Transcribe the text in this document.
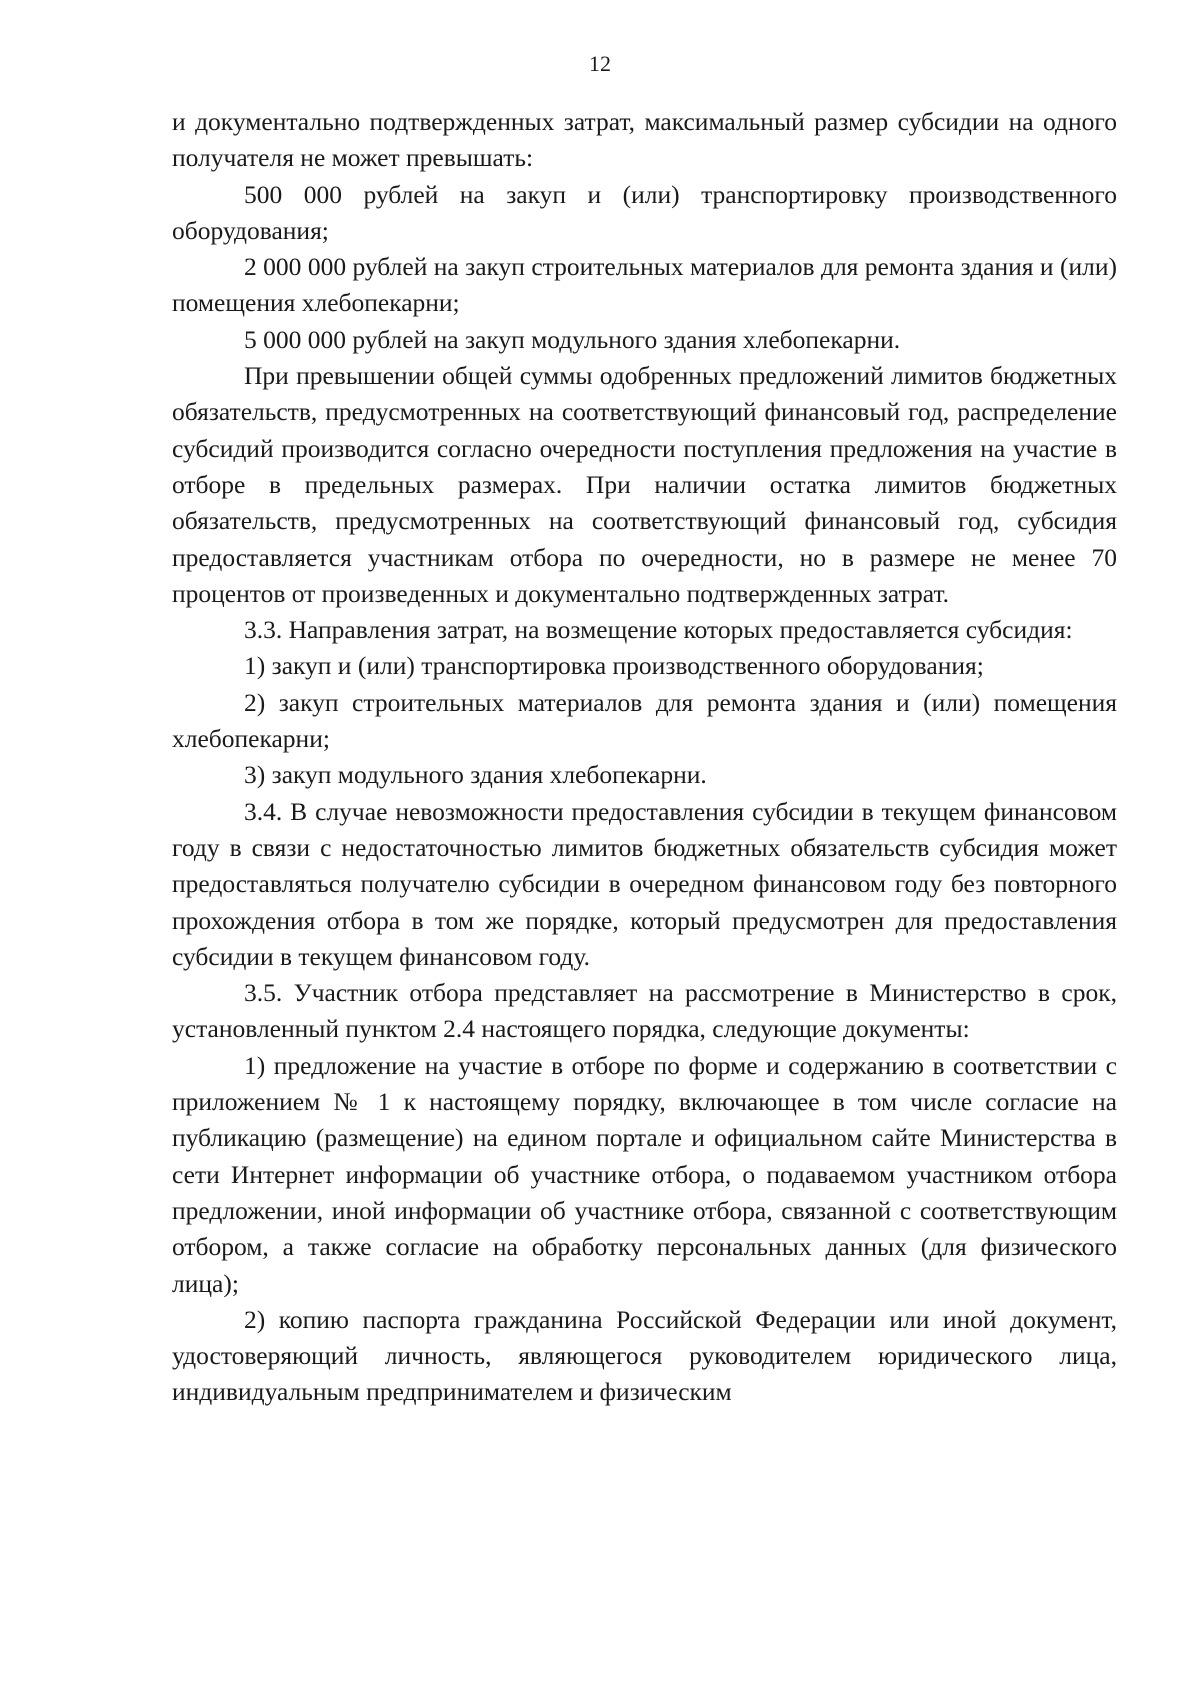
12

и документально подтвержденных затрат, максимальный размер субсидии на одного получателя не может превышать:

500 000 рублей на закуп и (или) транспортировку производственного оборудования;

2 000 000 рублей на закуп строительных материалов для ремонта здания и (или) помещения хлебопекарни;

5 000 000 рублей на закуп модульного здания хлебопекарни.

При превышении общей суммы одобренных предложений лимитов бюджетных обязательств, предусмотренных на соответствующий финансовый год, распределение субсидий производится согласно очередности поступления предложения на участие в отборе в предельных размерах. При наличии остатка лимитов бюджетных обязательств, предусмотренных на соответствующий финансовый год, субсидия предоставляется участникам отбора по очередности, но в размере не менее 70 процентов от произведенных и документально подтвержденных затрат.

3.3. Направления затрат, на возмещение которых предоставляется субсидия:

1) закуп и (или) транспортировка производственного оборудования;

2) закуп строительных материалов для ремонта здания и (или) помещения хлебопекарни;

3) закуп модульного здания хлебопекарни.

3.4. В случае невозможности предоставления субсидии в текущем финансовом году в связи с недостаточностью лимитов бюджетных обязательств субсидия может предоставляться получателю субсидии в очередном финансовом году без повторного прохождения отбора в том же порядке, который предусмотрен для предоставления субсидии в текущем финансовом году.

3.5. Участник отбора представляет на рассмотрение в Министерство в срок, установленный пунктом 2.4 настоящего порядка, следующие документы:

1) предложение на участие в отборе по форме и содержанию в соответствии с приложением № 1 к настоящему порядку, включающее в том числе согласие на публикацию (размещение) на едином портале и официальном сайте Министерства в сети Интернет информации об участнике отбора, о подаваемом участником отбора предложении, иной информации об участнике отбора, связанной с соответствующим отбором, а также согласие на обработку персональных данных (для физического лица);

2) копию паспорта гражданина Российской Федерации или иной документ, удостоверяющий личность, являющегося руководителем юридического лица, индивидуальным предпринимателем и физическим
